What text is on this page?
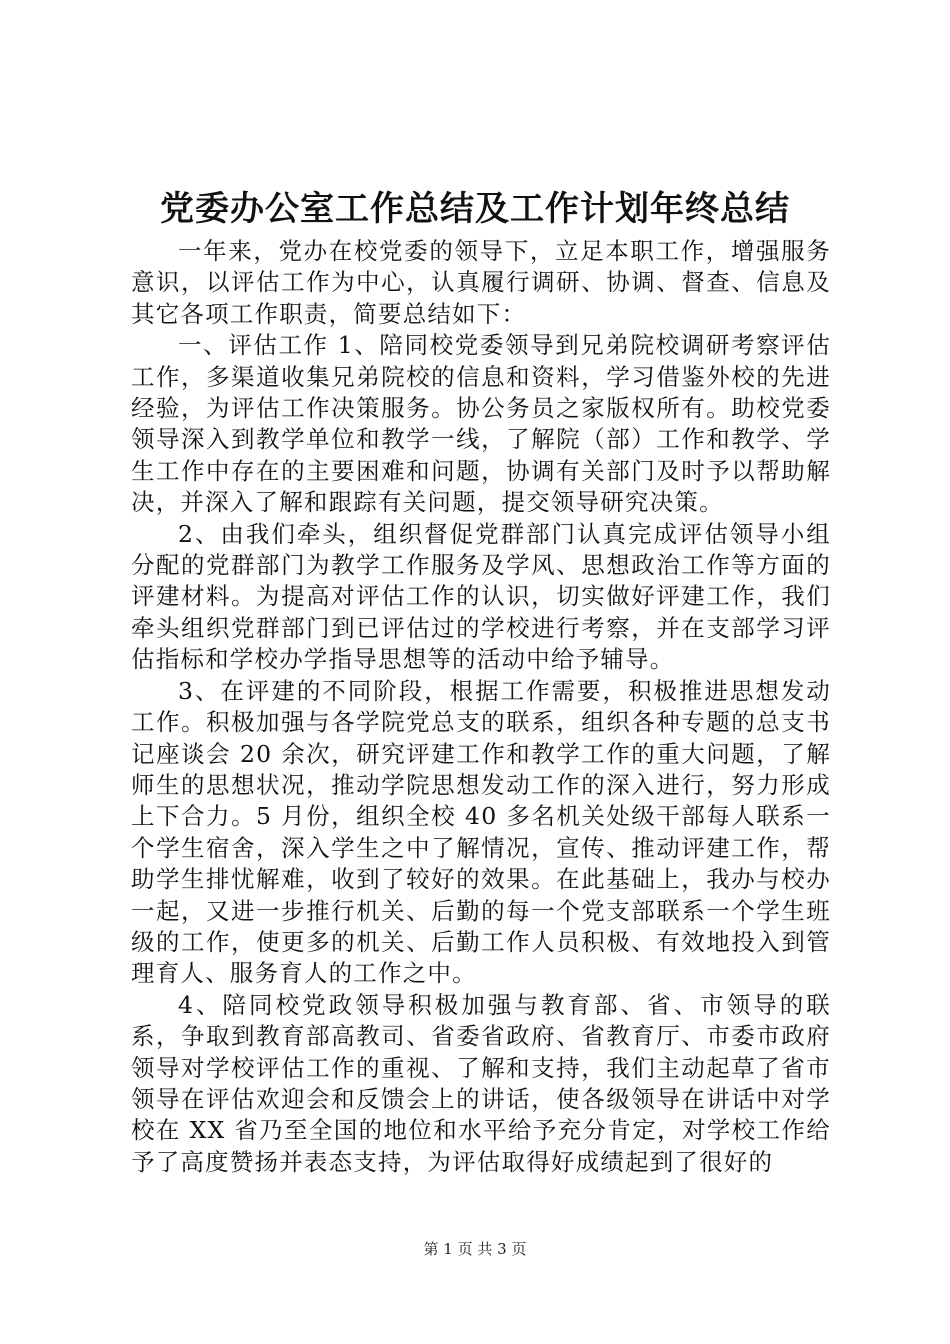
党委办公室工作总结及工作计划年终总结

一年来，党办在校党委的领导下，立足本职工作，增强服务意识，以评估工作为中心，认真履行调研、协调、督查、信息及其它各项工作职责，简要总结如下：

一、评估工作 1、陪同校党委领导到兄弟院校调研考察评估工作，多渠道收集兄弟院校的信息和资料，学习借鉴外校的先进经验，为评估工作决策服务。协公务员之家版权所有。助校党委领导深入到教学单位和教学一线，了解院（部）工作和教学、学生工作中存在的主要困难和问题，协调有关部门及时予以帮助解决，并深入了解和跟踪有关问题，提交领导研究决策。

2、由我们牵头，组织督促党群部门认真完成评估领导小组分配的党群部门为教学工作服务及学风、思想政治工作等方面的评建材料。为提高对评估工作的认识，切实做好评建工作，我们牵头组织党群部门到已评估过的学校进行考察，并在支部学习评估指标和学校办学指导思想等的活动中给予辅导。

3、在评建的不同阶段，根据工作需要，积极推进思想发动工作。积极加强与各学院党总支的联系，组织各种专题的总支书记座谈会 20 余次，研究评建工作和教学工作的重大问题，了解师生的思想状况，推动学院思想发动工作的深入进行，努力形成上下合力。5 月份，组织全校 40 多名机关处级干部每人联系一个学生宿舍，深入学生之中了解情况，宣传、推动评建工作，帮助学生排忧解难，收到了较好的效果。在此基础上，我办与校办一起，又进一步推行机关、后勤的每一个党支部联系一个学生班级的工作，使更多的机关、后勤工作人员积极、有效地投入到管理育人、服务育人的工作之中。

4、陪同校党政领导积极加强与教育部、省、市领导的联系，争取到教育部高教司、省委省政府、省教育厅、市委市政府领导对学校评估工作的重视、了解和支持，我们主动起草了省市领导在评估欢迎会和反馈会上的讲话，使各级领导在讲话中对学校在 XX 省乃至全国的地位和水平给予充分肯定，对学校工作给予了高度赞扬并表态支持，为评估取得好成绩起到了很好的

第 1 页 共 3 页
